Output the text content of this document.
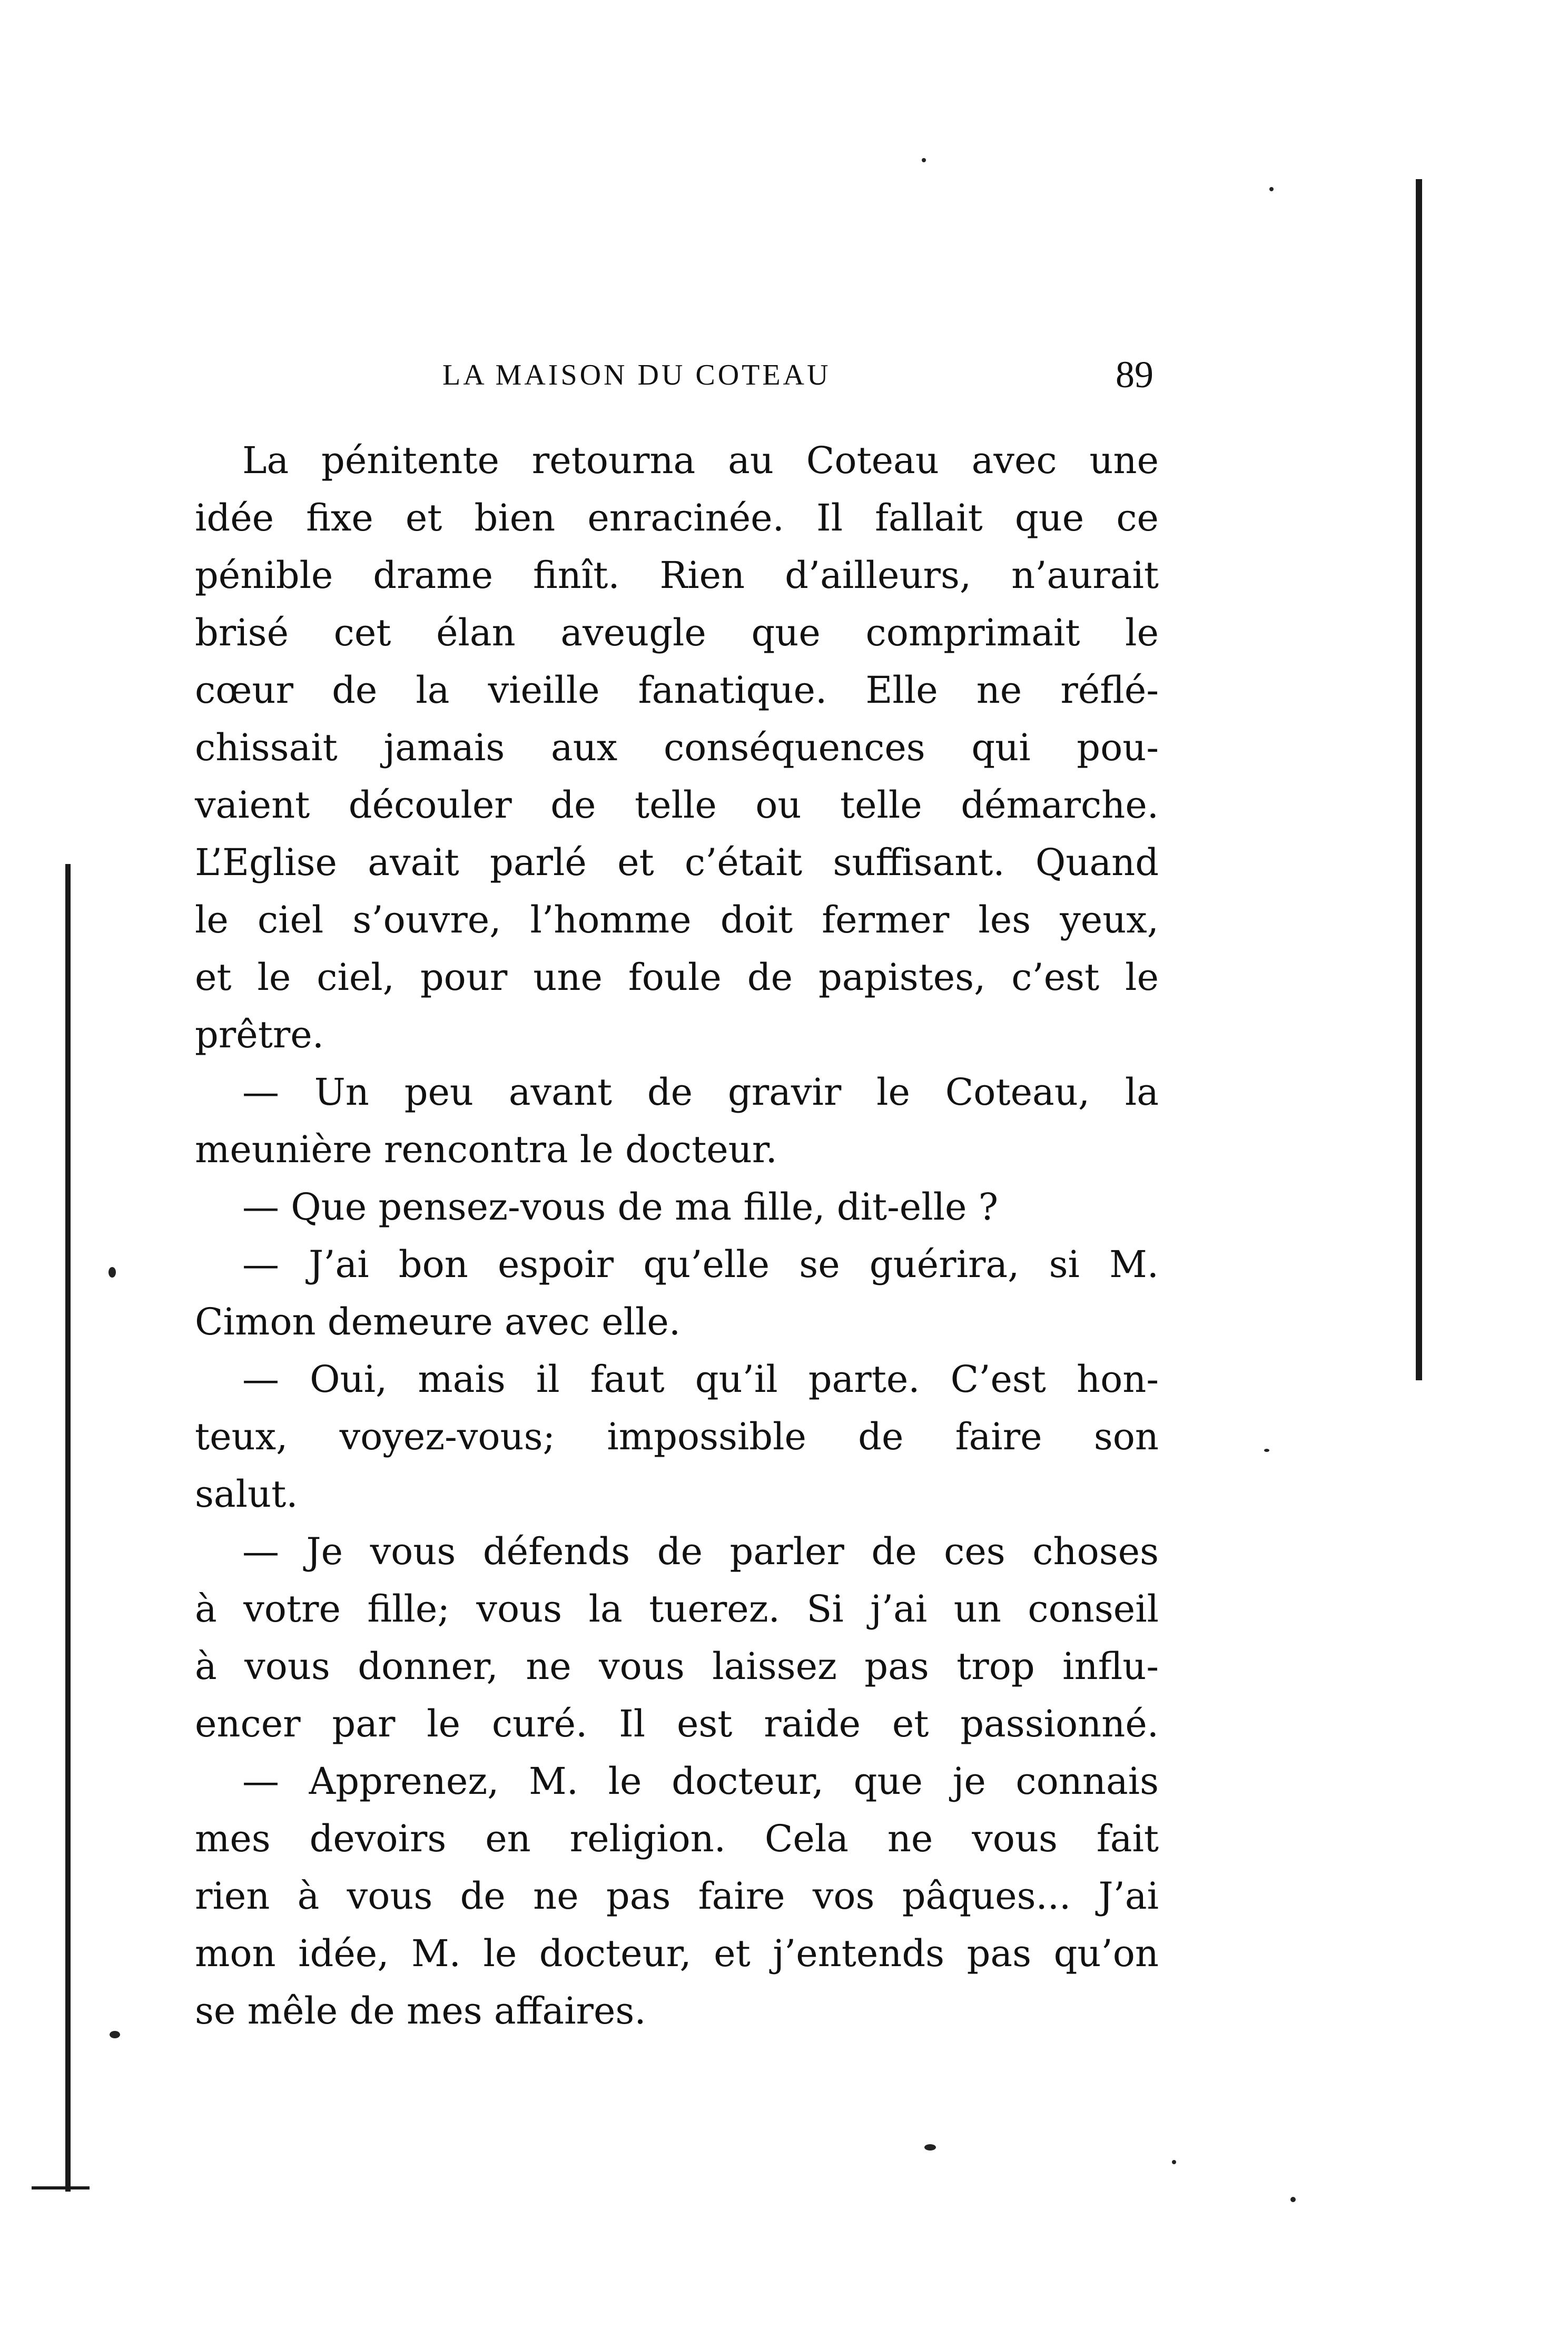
LA MAISON DU COTEAU	89
La pénitente retourna au Coteau avec une
idée fixe et bien enracinée. Il fallait que ce
pénible drame finît. Rien d’ailleurs, n’aurait
brisé cet élan aveugle que comprimait le
cœur de la vieille fanatique. Elle ne réflé-
chissait jamais aux conséquences qui pou-
vaient découler de telle ou telle démarche.
L’Eglise avait parlé et c’était suffisant. Quand
le ciel s’ouvre, l’homme doit fermer les yeux,
et le ciel, pour une foule de papistes, c’est le
prêtre.
— Un peu avant de gravir le Coteau, la
meunière rencontra le docteur.
— Que pensez-vous de ma fille, dit-elle ?
— J’ai bon espoir qu’elle se guérira, si M.
Cimon demeure avec elle.
— Oui, mais il faut qu’il parte. C’est hon-
teux, voyez-vous; impossible de faire son
salut.
— Je vous défends de parler de ces choses
à votre fille; vous la tuerez. Si j’ai un conseil
à vous donner, ne vous laissez pas trop influ-
encer par le curé. Il est raide et passionné.
— Apprenez, M. le docteur, que je connais
mes devoirs en religion. Cela ne vous fait
rien à vous de ne pas faire vos pâques... J’ai
mon idée, M. le docteur, et j’entends pas qu’on
se mêle de mes affaires.
